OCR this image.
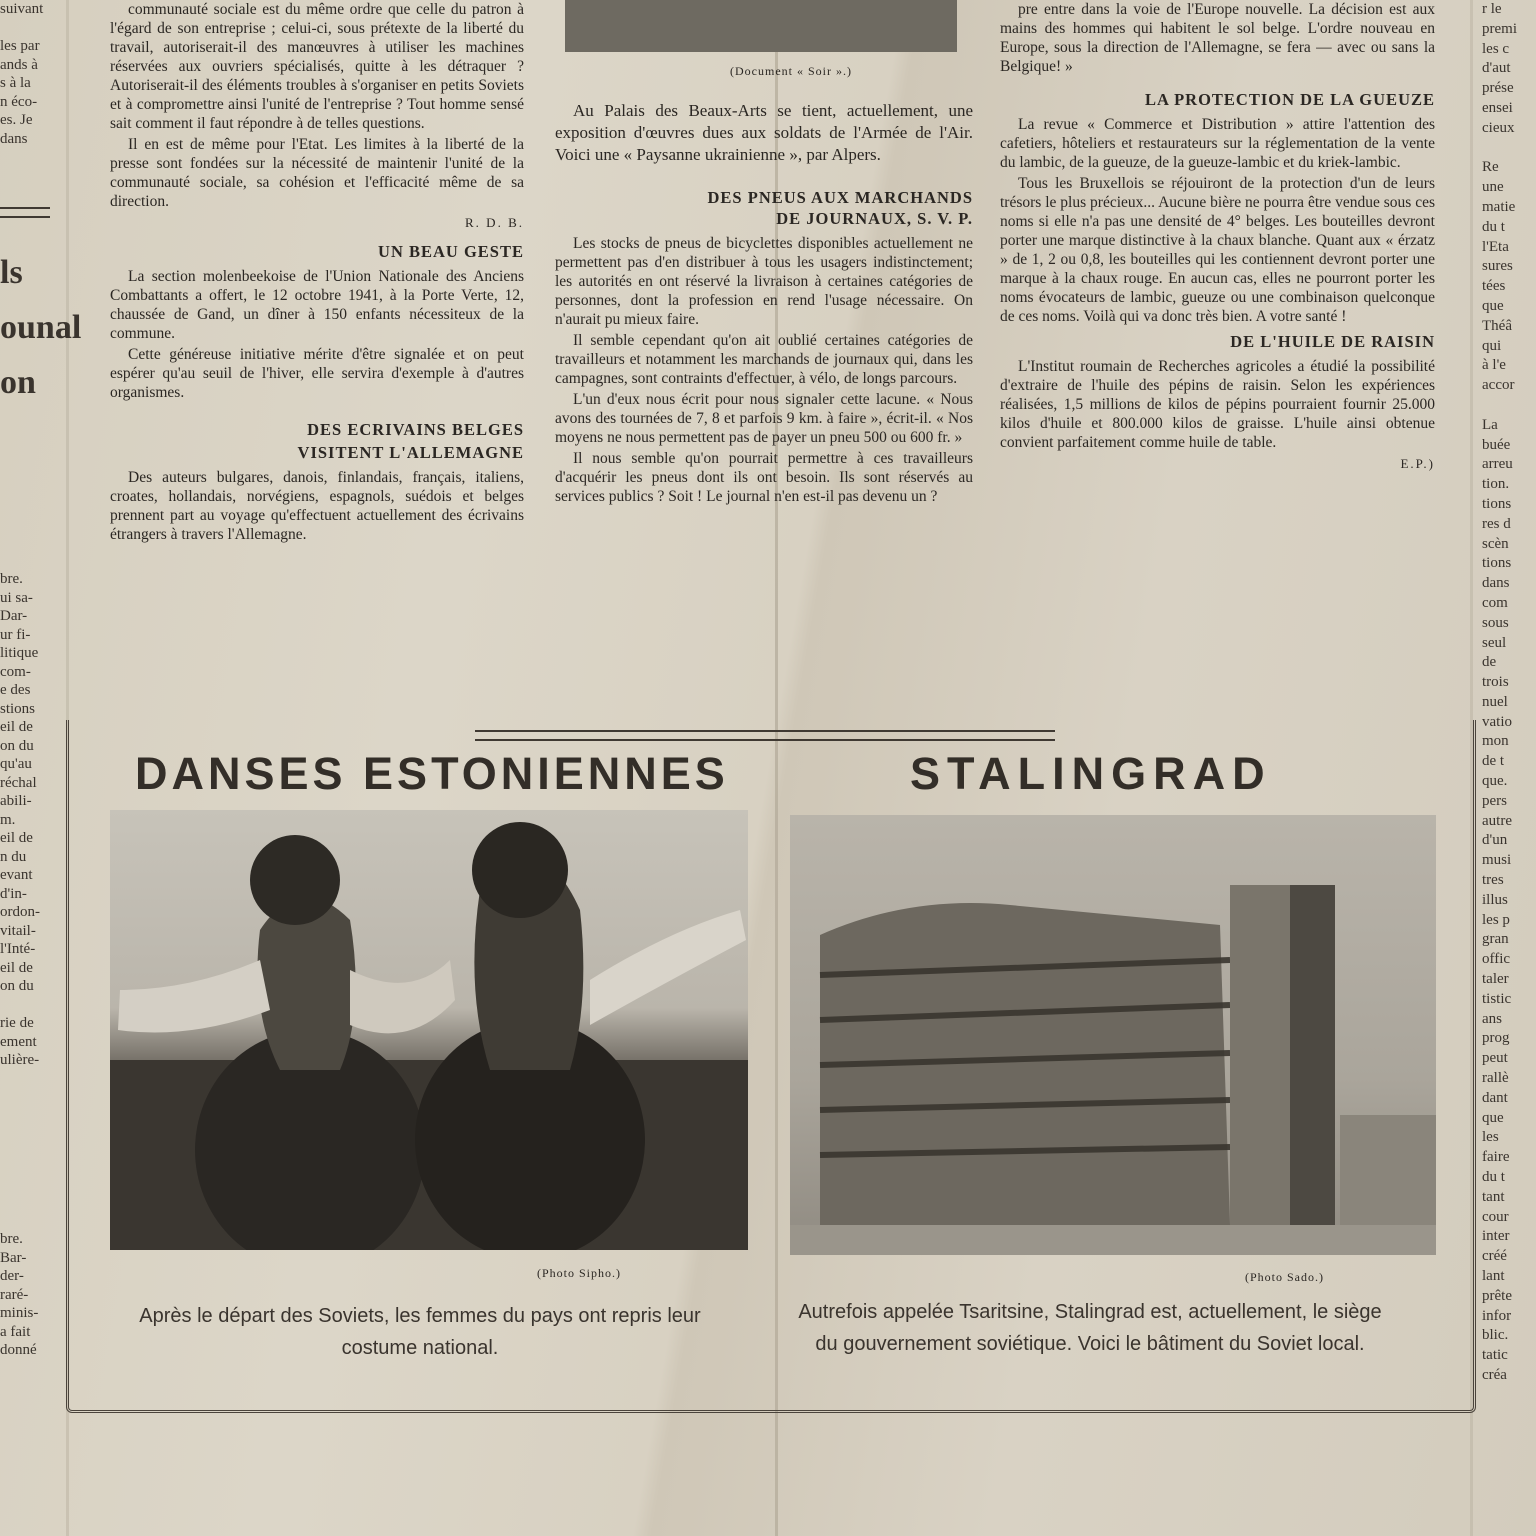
suivant

les par
ands à
s à la
n éco-
es. Je
dans
ls
ounal
on
bre.
ui sa-
Dar-
ur fi-
litique
com-
e des
stions
eil de
on du
qu'au
réchal
abili-
m.
eil de
n du
evant
d'in-
ordon-
vitail-
l'Inté-
eil de
on du

rie de
ement
ulière-
bre.
Bar-
der-
raré-
minis-
a fait
donné

communauté sociale est du même ordre que celle du patron à l'égard de son entreprise ; celui-ci, sous prétexte de la liberté du travail, autoriserait-il des manœuvres à utiliser les machines réservées aux ouvriers spécialisés, quitte à les détraquer ? Autoriserait-il des éléments troubles à s'organiser en petits Soviets et à compromettre ainsi l'unité de l'entreprise ? Tout homme sensé sait comment il faut répondre à de telles questions.

Il en est de même pour l'Etat. Les limites à la liberté de la presse sont fondées sur la nécessité de maintenir l'unité de la communauté sociale, sa cohésion et l'efficacité même de sa direction.

R. D. B.
UN BEAU GESTE

La section molenbeekoise de l'Union Nationale des Anciens Combattants a offert, le 12 octobre 1941, à la Porte Verte, 12, chaussée de Gand, un dîner à 150 enfants nécessiteux de la commune.

Cette généreuse initiative mérite d'être signalée et on peut espérer qu'au seuil de l'hiver, elle servira d'exemple à d'autres organismes.

DES ECRIVAINS BELGES
VISITENT L'ALLEMAGNE

Des auteurs bulgares, danois, finlandais, français, italiens, croates, hollandais, norvégiens, espagnols, suédois et belges prennent part au voyage qu'effectuent actuellement des écrivains étrangers à travers l'Allemagne.

(Document « Soir ».)

Au Palais des Beaux-Arts se tient, actuellement, une exposition d'œuvres dues aux soldats de l'Armée de l'Air. Voici une « Paysanne ukrainienne », par Alpers.

DES PNEUS AUX MARCHANDS
DE JOURNAUX, S. V. P.

Les stocks de pneus de bicyclettes disponibles actuellement ne permettent pas d'en distribuer à tous les usagers indistinctement; les autorités en ont réservé la livraison à certaines catégories de personnes, dont la profession en rend l'usage nécessaire. On n'aurait pu mieux faire.

Il semble cependant qu'on ait oublié certaines catégories de travailleurs et notamment les marchands de journaux qui, dans les campagnes, sont contraints d'effectuer, à vélo, de longs parcours.

L'un d'eux nous écrit pour nous signaler cette lacune. « Nous avons des tournées de 7, 8 et parfois 9 km. à faire », écrit-il. « Nos moyens ne nous permettent pas de payer un pneu 500 ou 600 fr. »

Il nous semble qu'on pourrait permettre à ces travailleurs d'acquérir les pneus dont ils ont besoin. Ils sont réservés au services publics ? Soit ! Le journal n'en est-il pas devenu un ?

pre entre dans la voie de l'Europe nouvelle. La décision est aux mains des hommes qui habitent le sol belge. L'ordre nouveau en Europe, sous la direction de l'Allemagne, se fera — avec ou sans la Belgique! »

LA PROTECTION DE LA GUEUZE

La revue « Commerce et Distribution » attire l'attention des cafetiers, hôteliers et restaurateurs sur la réglementation de la vente du lambic, de la gueuze, de la gueuze-lambic et du kriek-lambic.

Tous les Bruxellois se réjouiront de la protection d'un de leurs trésors le plus précieux... Aucune bière ne pourra être vendue sous ces noms si elle n'a pas une densité de 4° belges. Les bouteilles devront porter une marque distinctive à la chaux blanche. Quant aux « érzatz » de 1, 2 ou 0,8, les bouteilles qui les contiennent devront porter une marque à la chaux rouge. En aucun cas, elles ne pourront porter les noms évocateurs de lambic, gueuze ou une combinaison quelconque de ces noms. Voilà qui va donc très bien. A votre santé !

DE L'HUILE DE RAISIN

L'Institut roumain de Recherches agricoles a étudié la possibilité d'extraire de l'huile des pépins de raisin. Selon les expériences réalisées, 1,5 millions de kilos de pépins pourraient fournir 25.000 kilos d'huile et 800.000 kilos de graisse. L'huile ainsi obtenue convient parfaitement comme huile de table.

E.P.)
r le
premi
les c
d'aut
prése
ensei
cieux

Re
une
matie
du t
l'Eta
sures
tées
que
Théâ
qui
à l'e
accor

La
buée
arreu
tion.
tions
res d
scèn
tions
dans
com
sous
seul
de
trois
nuel
vatio
mon
de t
que.
pers
autre
d'un
musi
tres
illus
les p
gran
offic
taler
tistic
ans
prog
peut
rallè
dant
que
les
faire
du t
tant
cour
inter
créé
lant
prête
infor
blic.
tatic
créa
DANSES ESTONIENNES	STALINGRAD
(Photo Sipho.)
Après le départ des Soviets, les femmes du pays ont repris leur costume national.
(Photo Sado.)
Autrefois appelée Tsaritsine, Stalingrad est, actuellement, le siège du gouvernement soviétique. Voici le bâtiment du Soviet local.
